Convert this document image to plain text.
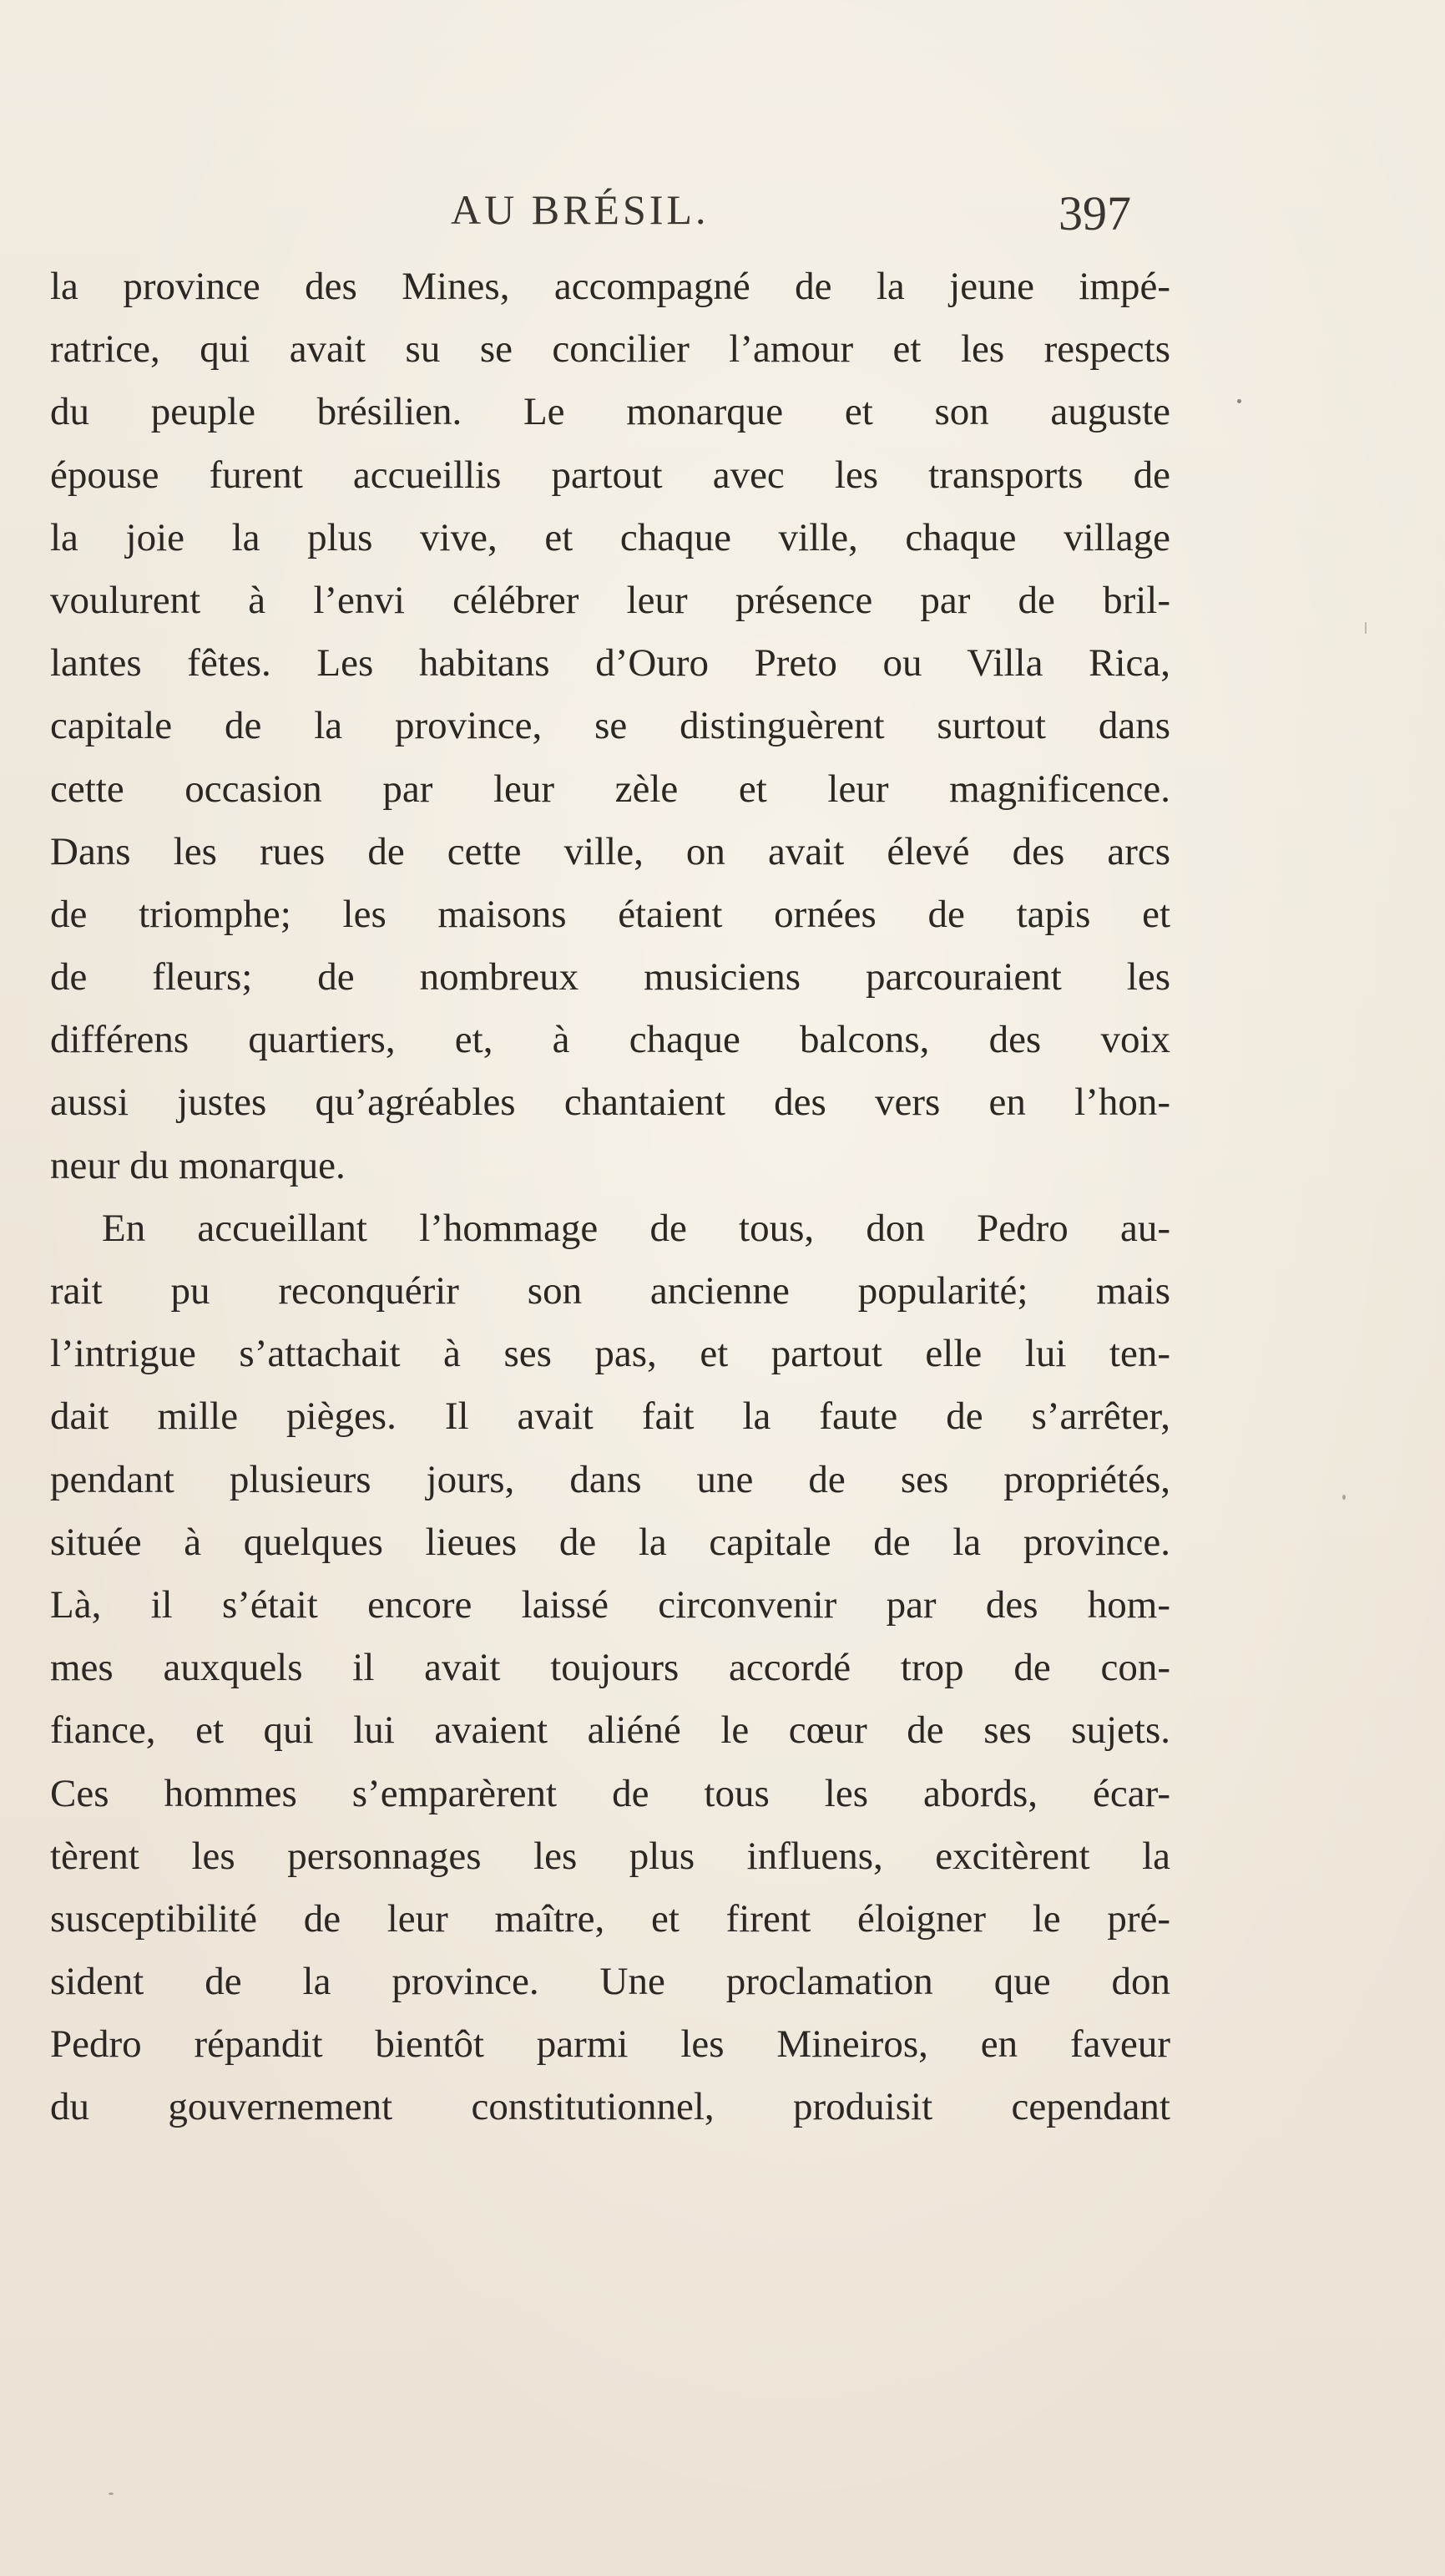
AU BRÉSIL.	397
la province des Mines, accompagné de la jeune impé-
ratrice, qui avait su se concilier l’amour et les respects
du peuple brésilien. Le monarque et son auguste
épouse furent accueillis partout avec les transports de
la joie la plus vive, et chaque ville, chaque village
voulurent à l’envi célébrer leur présence par de bril-
lantes fêtes. Les habitans d’Ouro Preto ou Villa Rica,
capitale de la province, se distinguèrent surtout dans
cette occasion par leur zèle et leur magnificence.
Dans les rues de cette ville, on avait élevé des arcs
de triomphe; les maisons étaient ornées de tapis et
de fleurs; de nombreux musiciens parcouraient les
différens quartiers, et, à chaque balcons, des voix
aussi justes qu’agréables chantaient des vers en l’hon-
neur du monarque.
En accueillant l’hommage de tous, don Pedro au-
rait pu reconquérir son ancienne popularité; mais
l’intrigue s’attachait à ses pas, et partout elle lui ten-
dait mille pièges. Il avait fait la faute de s’arrêter,
pendant plusieurs jours, dans une de ses propriétés,
située à quelques lieues de la capitale de la province.
Là, il s’était encore laissé circonvenir par des hom-
mes auxquels il avait toujours accordé trop de con-
fiance, et qui lui avaient aliéné le cœur de ses sujets.
Ces hommes s’emparèrent de tous les abords, écar-
tèrent les personnages les plus influens, excitèrent la
susceptibilité de leur maître, et firent éloigner le pré-
sident de la province. Une proclamation que don
Pedro répandit bientôt parmi les Mineiros, en faveur
du gouvernement constitutionnel, produisit cependant
